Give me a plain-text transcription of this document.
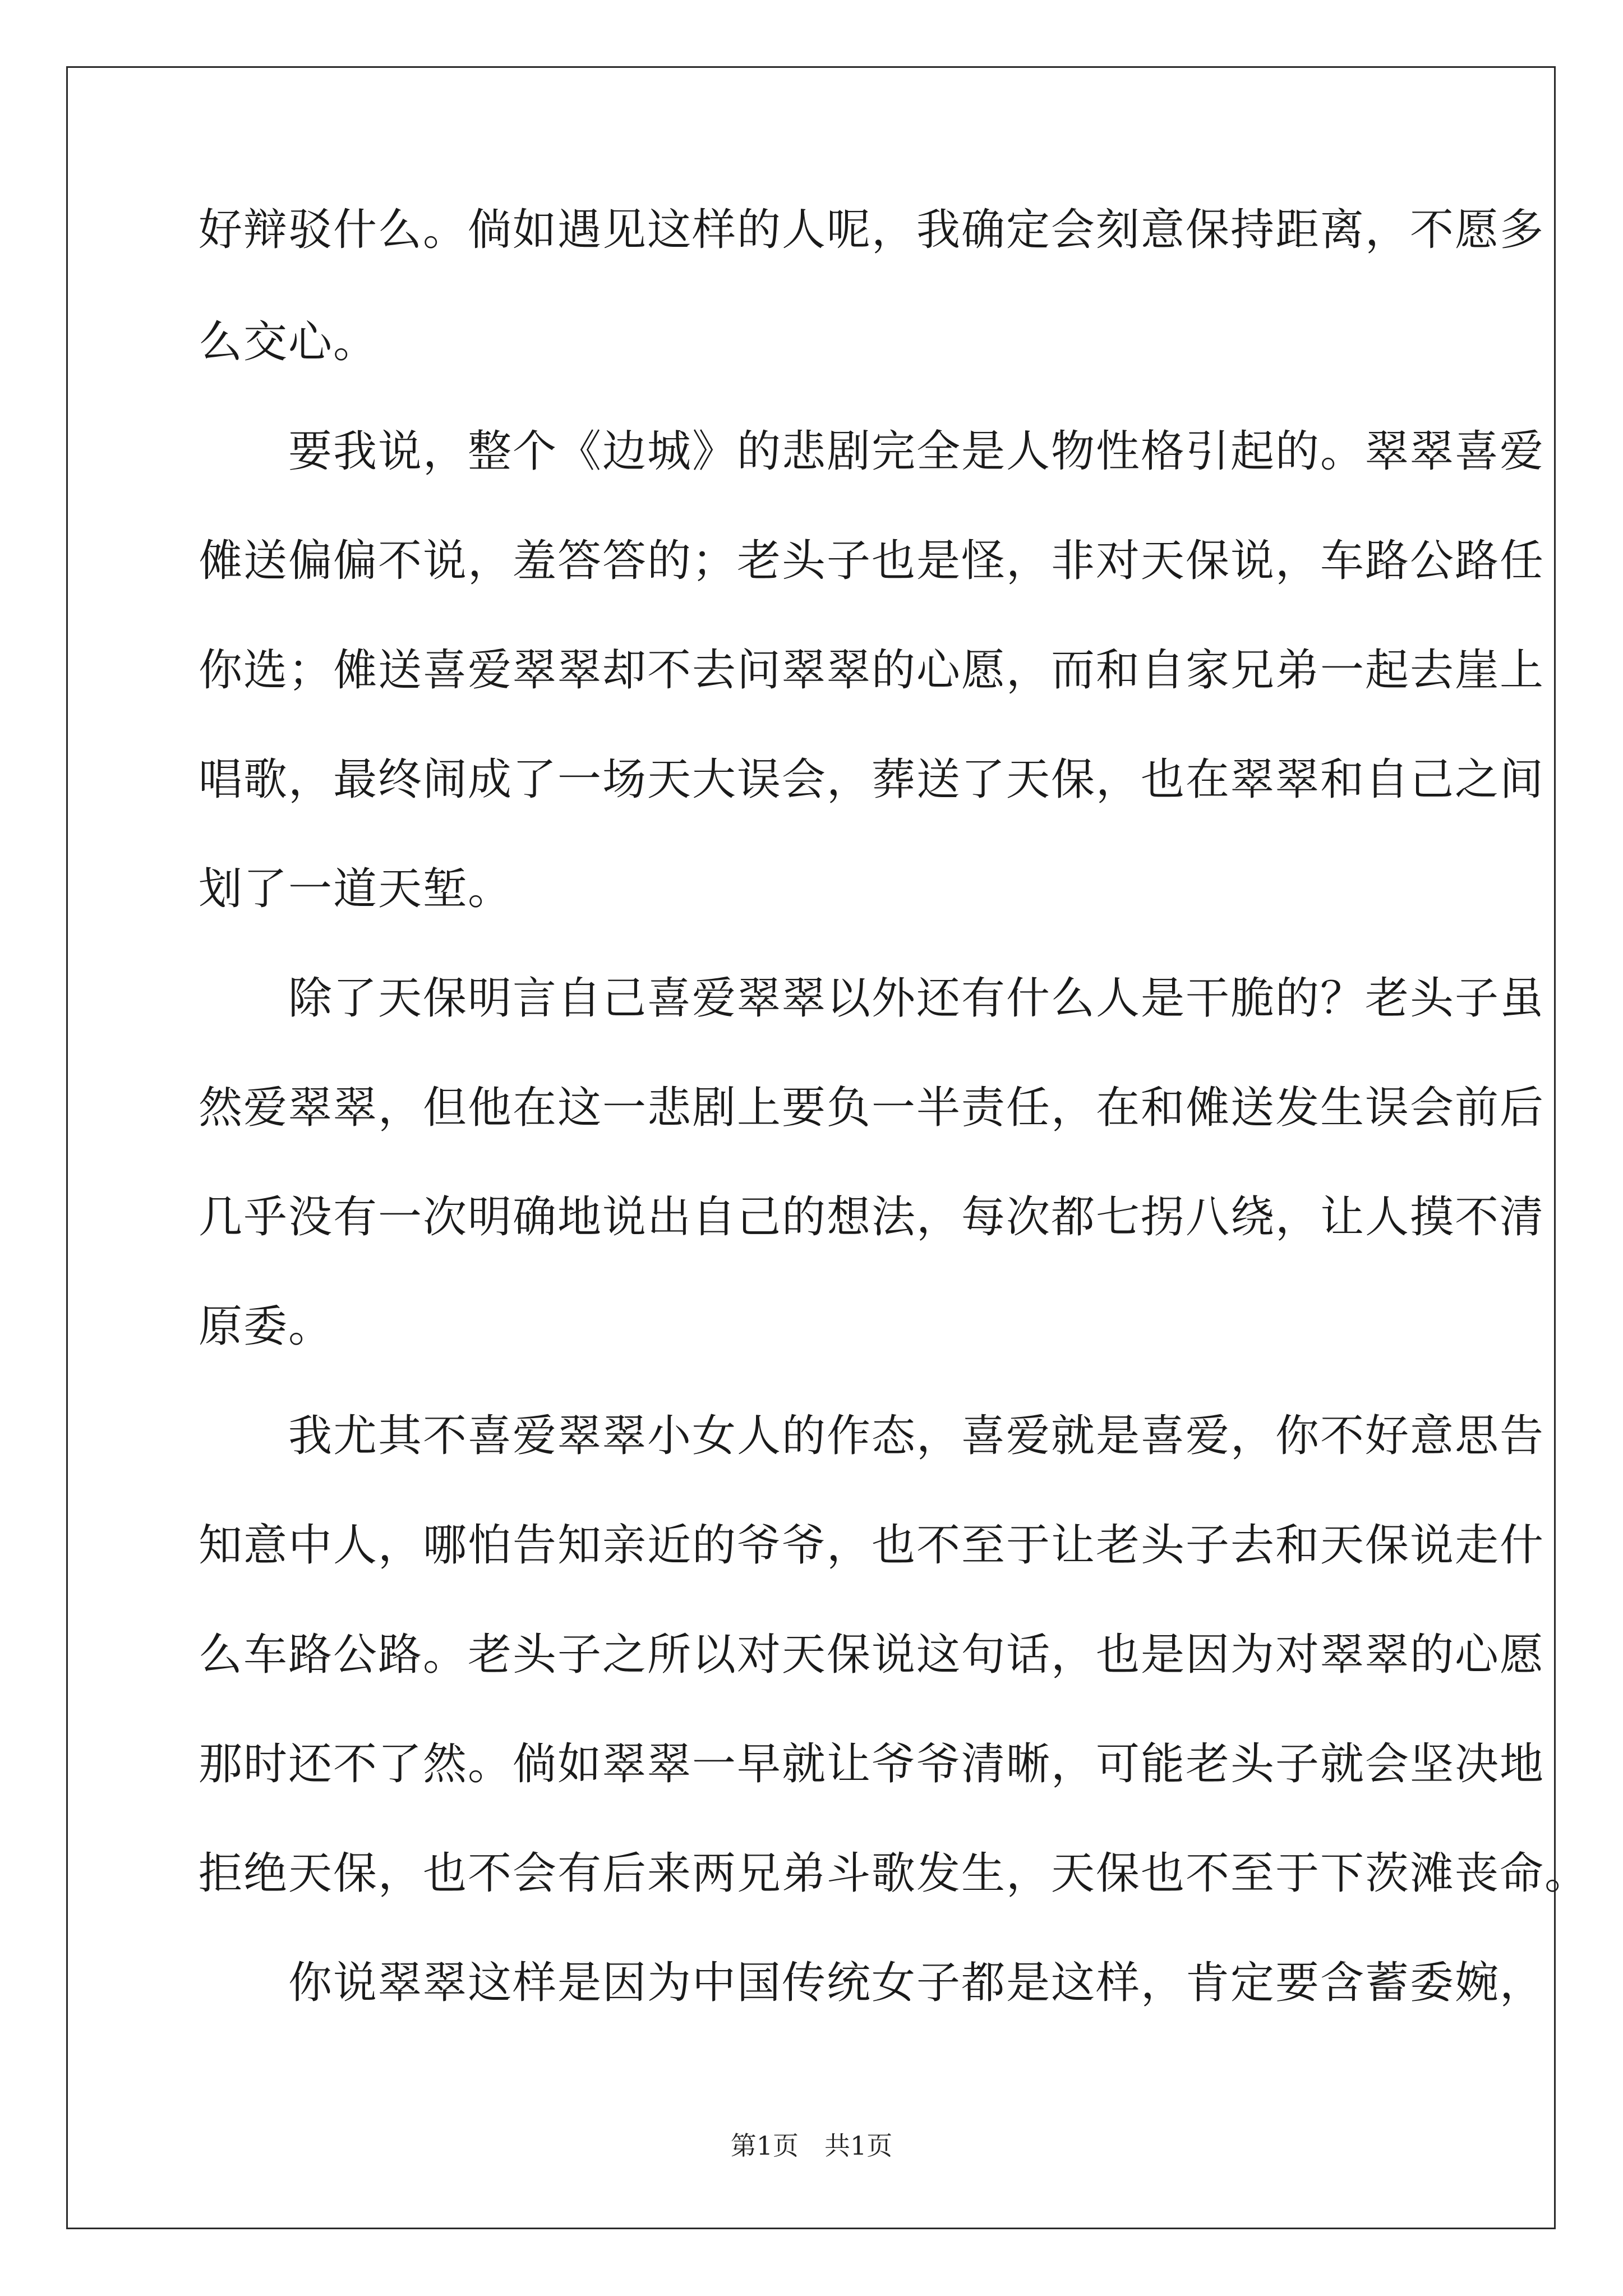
好辩驳什么。倘如遇见这样的人呢，我确定会刻意保持距离，不愿多
么交心。
　　要我说，整个《边城》的悲剧完全是人物性格引起的。翠翠喜爱
傩送偏偏不说，羞答答的；老头子也是怪，非对天保说，车路公路任
你选；傩送喜爱翠翠却不去问翠翠的心愿，而和自家兄弟一起去崖上
唱歌，最终闹成了一场天大误会，葬送了天保，也在翠翠和自己之间
划了一道天堑。
　　除了天保明言自己喜爱翠翠以外还有什么人是干脆的？老头子虽
然爱翠翠，但他在这一悲剧上要负一半责任，在和傩送发生误会前后
几乎没有一次明确地说出自己的想法，每次都七拐八绕，让人摸不清
原委。
　　我尤其不喜爱翠翠小女人的作态，喜爱就是喜爱，你不好意思告
知意中人，哪怕告知亲近的爷爷，也不至于让老头子去和天保说走什
么车路公路。老头子之所以对天保说这句话，也是因为对翠翠的心愿
那时还不了然。倘如翠翠一早就让爷爷清晰，可能老头子就会坚决地
拒绝天保，也不会有后来两兄弟斗歌发生，天保也不至于下茨滩丧命。
　　你说翠翠这样是因为中国传统女子都是这样，肯定要含蓄委婉，
第1页　共1页
